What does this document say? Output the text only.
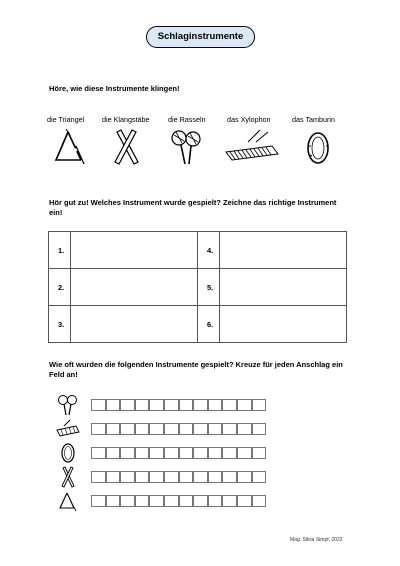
Schlaginstrumente
Höre, wie diese Instrumente klingen!
die Triangel die Klangstäbe	die Rasseln	das Xylophon	das Tamburin
Hör gut zu! Welches Instrument wurde gespielt? Zeichne das richtige Instrument ein!
1.		4.	
2.		5.	
3.		6.	
Wie oft wurden die folgenden Instrumente gespielt? Kreuze für jeden Anschlag ein Feld an!
Mag. Silvia Simpf, 2022
